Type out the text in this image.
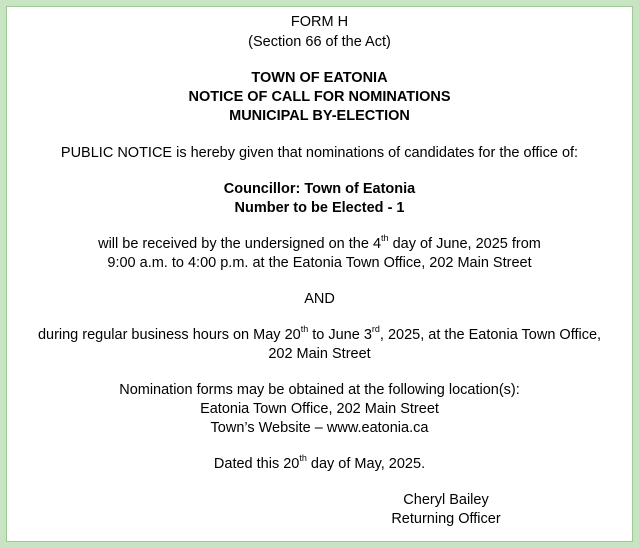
FORM H
(Section 66 of the Act)
TOWN OF EATONIA
NOTICE OF CALL FOR NOMINATIONS
MUNICIPAL BY-ELECTION
PUBLIC NOTICE is hereby given that nominations of candidates for the office of:
Councillor: Town of Eatonia
Number to be Elected - 1
will be received by the undersigned on the 4th day of June, 2025 from
9:00 a.m. to 4:00 p.m. at the Eatonia Town Office, 202 Main Street
AND
during regular business hours on May 20th to June 3rd, 2025, at the Eatonia Town Office,
202 Main Street
Nomination forms may be obtained at the following location(s):
Eatonia Town Office, 202 Main Street
Town’s Website – www.eatonia.ca
Dated this 20th day of May, 2025.
Cheryl Bailey
Returning Officer
